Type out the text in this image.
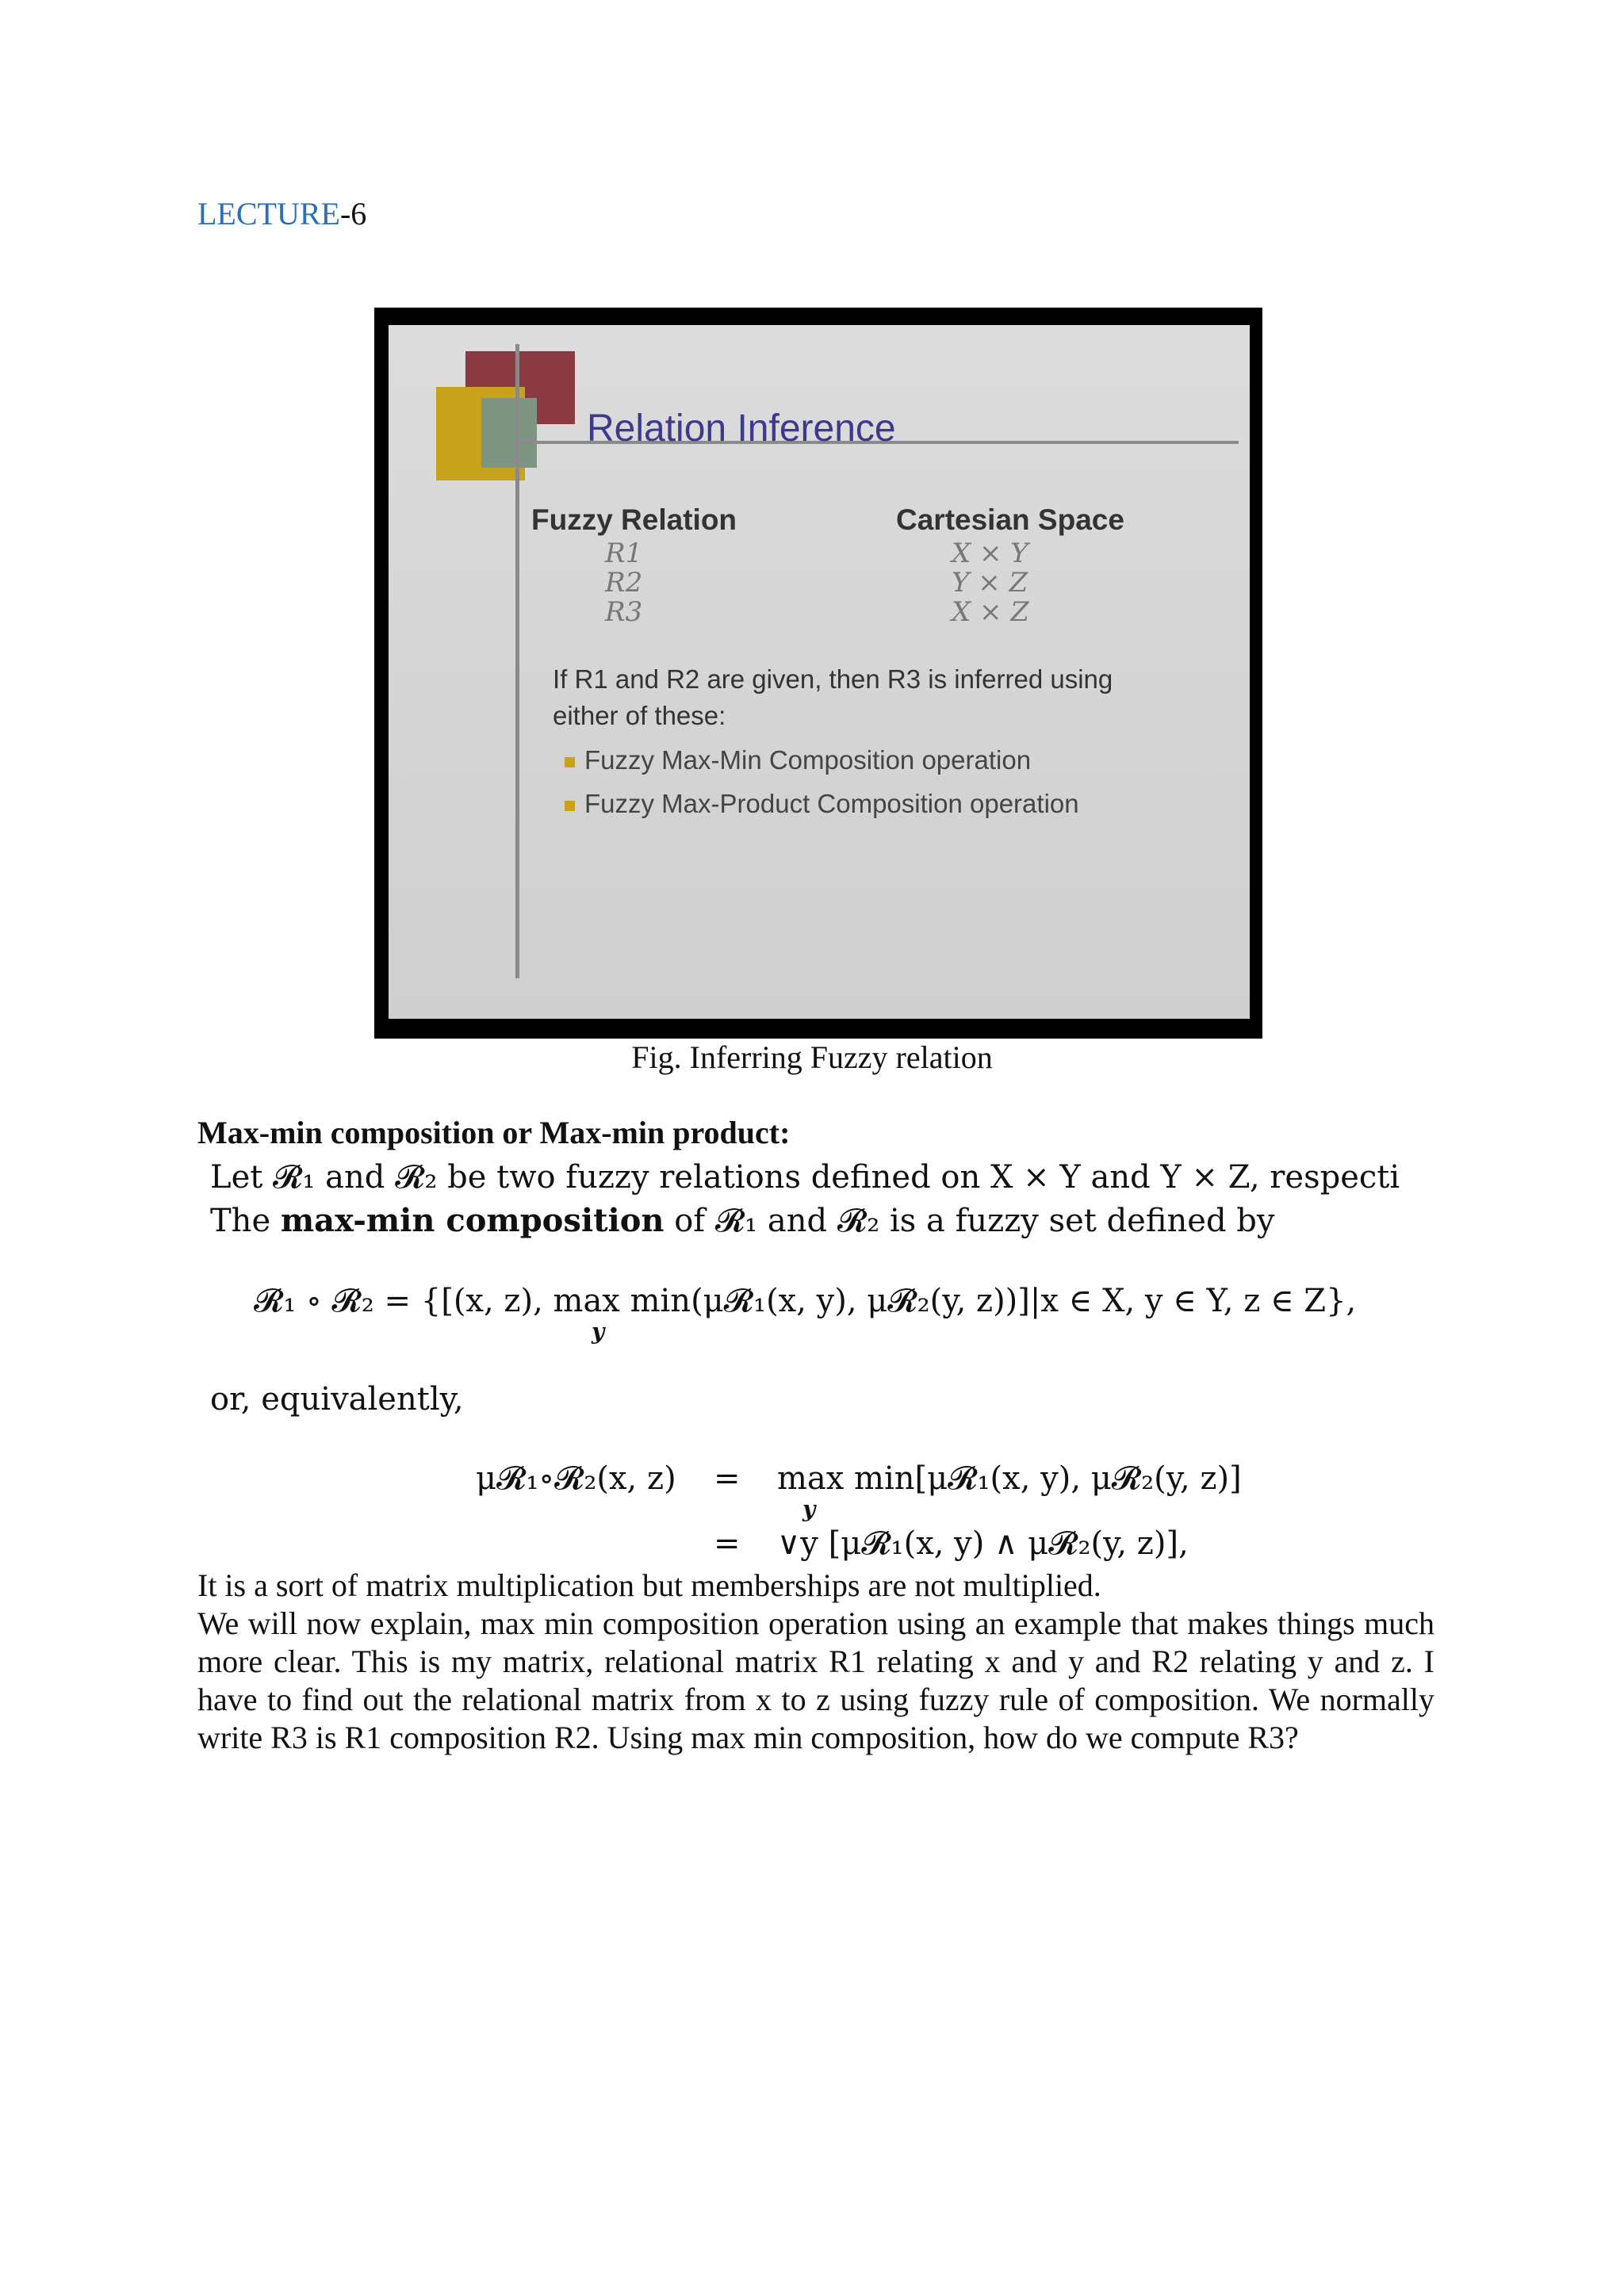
LECTURE-6
Relation Inference
Fuzzy Relation	Cartesian Space
R1
R2
R3
X × Y
Y × Z
X × Z
If R1 and R2 are given, then R3 is inferred using
either of these:
Fuzzy Max-Min Composition operation
Fuzzy Max-Product Composition operation
Fig. Inferring Fuzzy relation
Max-min composition or Max-min product:
Let 𝓡₁ and 𝓡₂ be two fuzzy relations defined on X × Y and Y × Z, respecti
The max-min composition of 𝓡₁ and 𝓡₂ is a fuzzy set defined by
𝓡₁ ∘ 𝓡₂ = {[(x, z), max min(μ𝓡₁(x, y), μ𝓡₂(y, z))]|x ∈ X, y ∈ Y, z ∈ Z},
y
or, equivalently,
μ𝓡₁∘𝓡₂(x, z) = max min[μ𝓡₁(x, y), μ𝓡₂(y, z)]
y
= ∨y [μ𝓡₁(x, y) ∧ μ𝓡₂(y, z)],
It is a sort of matrix multiplication but memberships are not multiplied.
We will now explain, max min composition operation using an example that makes things much more clear. This is my matrix, relational matrix R1 relating x and y and R2 relating y and z. I have to find out the relational matrix from x to z using fuzzy rule of composition. We normally write R3 is R1 composition R2. Using max min composition, how do we compute R3?
